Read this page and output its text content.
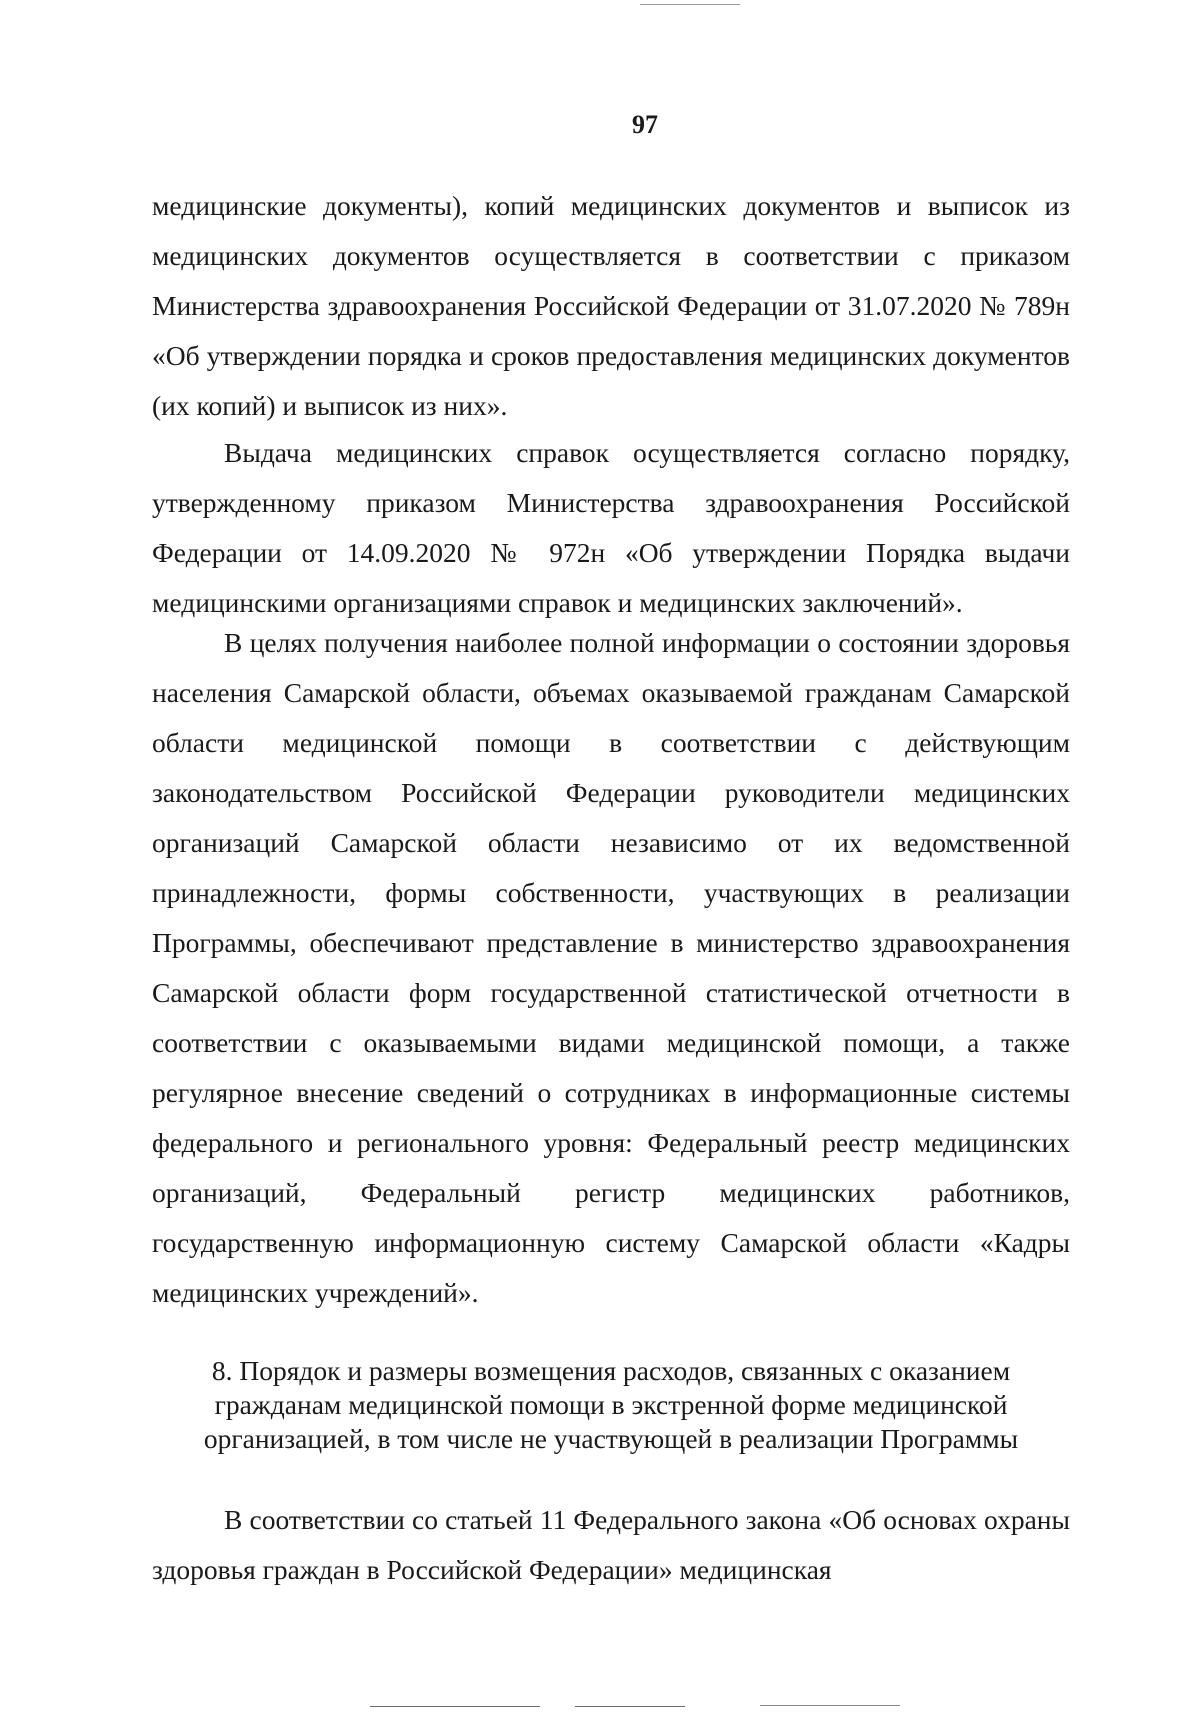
97

медицинские документы), копий медицинских документов и выписок из медицинских документов осуществляется в соответствии с приказом Министерства здравоохранения Российской Федерации от 31.07.2020 № 789н «Об утверждении порядка и сроков предоставления медицинских документов (их копий) и выписок из них».

Выдача медицинских справок осуществляется согласно порядку, утвержденному приказом Министерства здравоохранения Российской Федерации от 14.09.2020 № 972н «Об утверждении Порядка выдачи медицинскими организациями справок и медицинских заключений».

В целях получения наиболее полной информации о состоянии здоровья населения Самарской области, объемах оказываемой гражданам Самарской области медицинской помощи в соответствии с действующим законодательством Российской Федерации руководители медицинских организаций Самарской области независимо от их ведомственной принадлежности, формы собственности, участвующих в реализации Программы, обеспечивают представление в министерство здравоохранения Самарской области форм государственной статистической отчетности в соответствии с оказываемыми видами медицинской помощи, а также регулярное внесение сведений о сотрудниках в информационные системы федерального и регионального уровня: Федеральный реестр медицинских организаций, Федеральный регистр медицинских работников, государственную информационную систему Самарской области «Кадры медицинских учреждений».

8. Порядок и размеры возмещения расходов, связанных с оказанием
гражданам медицинской помощи в экстренной форме медицинской
организацией, в том числе не участвующей в реализации Программы

В соответствии со статьей 11 Федерального закона «Об основах охраны здоровья граждан в Российской Федерации» медицинская
